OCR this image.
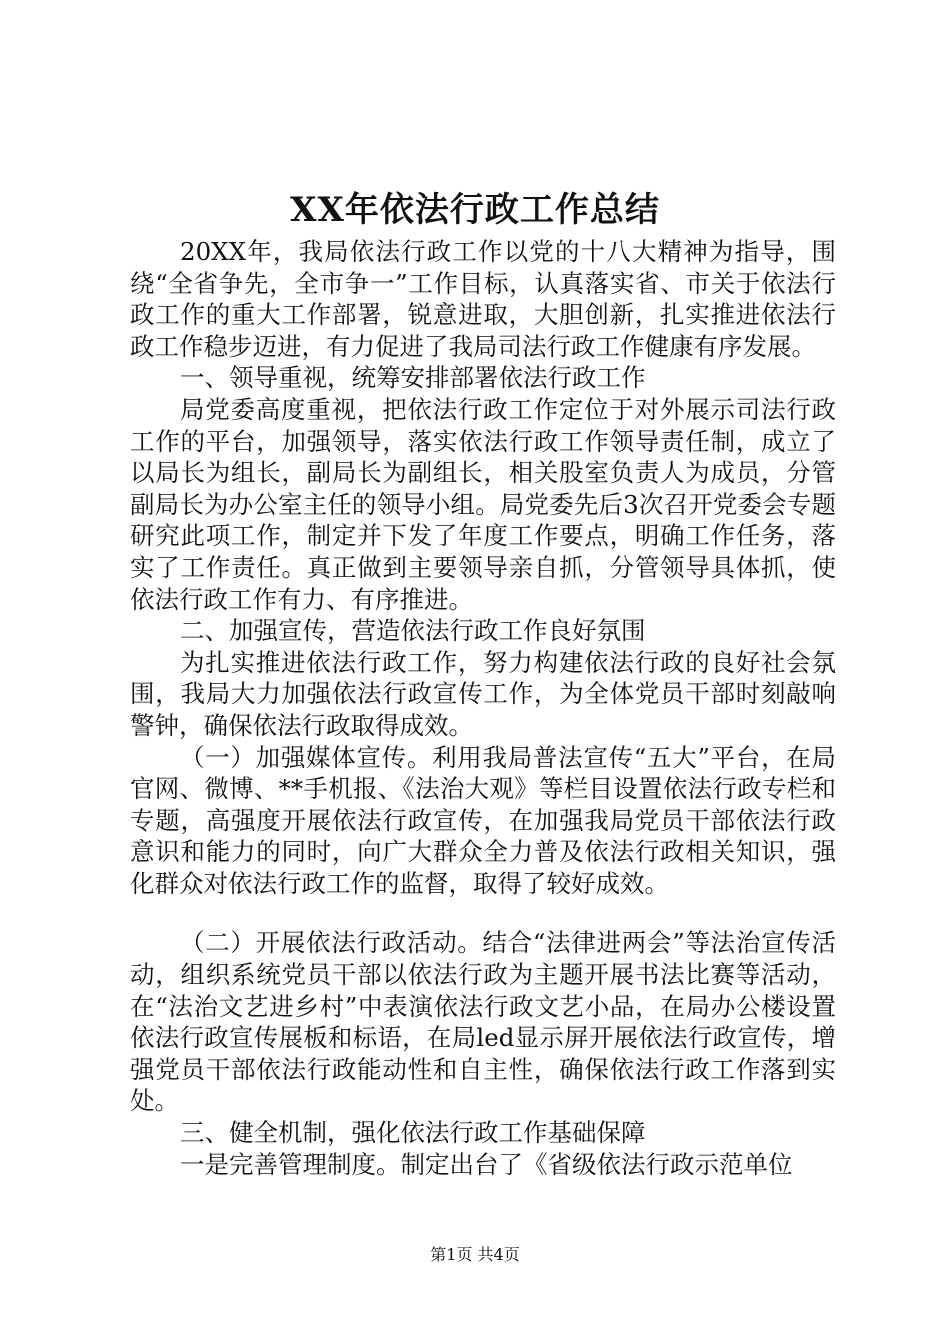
XX年依法行政工作总结

20XX年，我局依法行政工作以党的十八大精神为指导，围绕“全省争先，全市争一”工作目标，认真落实省、市关于依法行政工作的重大工作部署，锐意进取，大胆创新，扎实推进依法行政工作稳步迈进，有力促进了我局司法行政工作健康有序发展。

一、领导重视，统筹安排部署依法行政工作

局党委高度重视，把依法行政工作定位于对外展示司法行政工作的平台，加强领导，落实依法行政工作领导责任制，成立了以局长为组长，副局长为副组长，相关股室负责人为成员，分管副局长为办公室主任的领导小组。局党委先后3次召开党委会专题研究此项工作，制定并下发了年度工作要点，明确工作任务，落实了工作责任。真正做到主要领导亲自抓，分管领导具体抓，使依法行政工作有力、有序推进。

二、加强宣传，营造依法行政工作良好氛围

为扎实推进依法行政工作，努力构建依法行政的良好社会氛围，我局大力加强依法行政宣传工作，为全体党员干部时刻敲响警钟，确保依法行政取得成效。

（一）加强媒体宣传。利用我局普法宣传“五大”平台，在局官网、微博、**手机报、《法治大观》等栏目设置依法行政专栏和专题，高强度开展依法行政宣传，在加强我局党员干部依法行政意识和能力的同时，向广大群众全力普及依法行政相关知识，强化群众对依法行政工作的监督，取得了较好成效。

（二）开展依法行政活动。结合“法律进两会”等法治宣传活动，组织系统党员干部以依法行政为主题开展书法比赛等活动，在“法治文艺进乡村”中表演依法行政文艺小品，在局办公楼设置依法行政宣传展板和标语，在局led显示屏开展依法行政宣传，增强党员干部依法行政能动性和自主性，确保依法行政工作落到实处。

三、健全机制，强化依法行政工作基础保障

一是完善管理制度。制定出台了《省级依法行政示范单位

第1页 共4页
